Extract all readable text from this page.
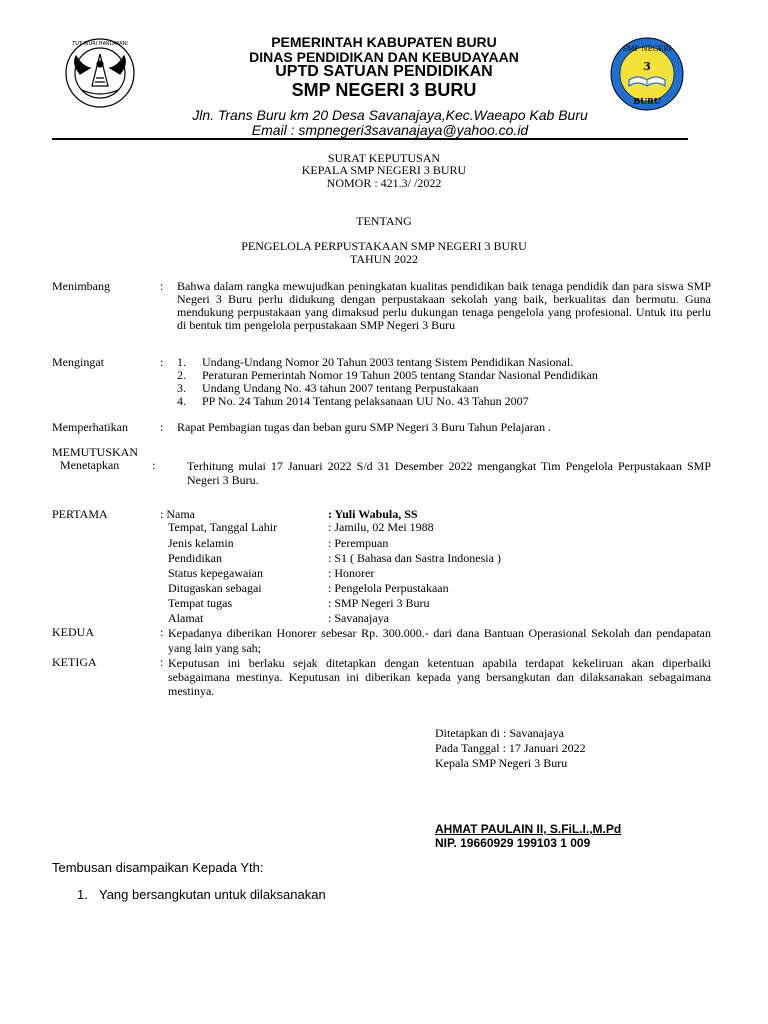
TUT WURI HANDAYANI	PEMERINTAH KABUPATEN BURU
DINAS PENDIDIKAN DAN KEBUDAYAAN
UPTD SATUAN PENDIDIKAN
SMP NEGERI 3 BURU
SMP NEGERI
3
BURU
Jln. Trans Buru km 20 Desa Savanajaya,Kec.Waeapo Kab Buru
Email : smpnegeri3savanajaya@yahoo.co.id
SURAT KEPUTUSAN
KEPALA SMP NEGERI 3 BURU
NOMOR : 421.3/ /2022
TENTANG
PENGELOLA PERPUSTAKAAN SMP NEGERI 3 BURU
TAHUN 2022
Menimbang	: Bahwa dalam rangka mewujudkan peningkatan kualitas pendidikan baik tenaga pendidik dan para siswa SMP Negeri 3 Buru perlu didukung dengan perpustakaan sekolah yang baik, berkualitas dan bermutu. Guna mendukung perpustakaan yang dimaksud perlu dukungan tenaga pengelola yang profesional. Untuk itu perlu di bentuk tim pengelola perpustakaan SMP Negeri 3 Buru
Mengingat	: 1.	Undang-Undang Nomor 20 Tahun 2003 tentang Sistem Pendidikan Nasional.
2.	Peraturan Pemerintah Nomor 19 Tahun 2005 tentang Standar Nasional Pendidikan
3.	Undang Undang No. 43 tahun 2007 tentang Perpustakaan
4.	PP No. 24 Tahun 2014 Tentang pelaksanaan UU No. 43 Tahun 2007
Memperhatikan	: Rapat Pembagian tugas dan beban guru SMP Negeri 3 Buru Tahun Pelajaran .
MEMUTUSKAN
Menetapkan	:	Terhitung mulai 17 Januari 2022 S/d 31 Desember 2022 mengangkat Tim Pengelola Perpustakaan SMP Negeri 3 Buru.
PERTAMA	: Nama	: Yuli Wabula, SS
Tempat, Tanggal Lahir	: Jamilu, 02 Mei 1988
Jenis kelamin	: Perempuan
Pendidikan	: S1 ( Bahasa dan Sastra Indonesia )
Status kepegawaian	: Honorer
Ditugaskan sebagai	: Pengelola Perpustakaan
Tempat tugas	: SMP Negeri 3 Buru
Alamat	: Savanajaya
KEDUA	: Kepadanya diberikan Honorer sebesar Rp. 300.000.- dari dana Bantuan Operasional Sekolah dan pendapatan yang lain yang sah;
KETIGA	: Keputusan ini berlaku sejak ditetapkan dengan ketentuan apabila terdapat kekeliruan akan diperbaiki sebagaimana mestinya. Keputusan ini diberikan kepada yang bersangkutan dan dilaksanakan sebagaimana mestinya.
Ditetapkan di : Savanajaya
Pada Tanggal : 17 Januari 2022
Kepala SMP Negeri 3 Buru
AHMAT PAULAIN II, S.FiL.I.,M.Pd
NIP. 19660929 199103 1 009
Tembusan disampaikan Kepada Yth:
1. Yang bersangkutan untuk dilaksanakan
